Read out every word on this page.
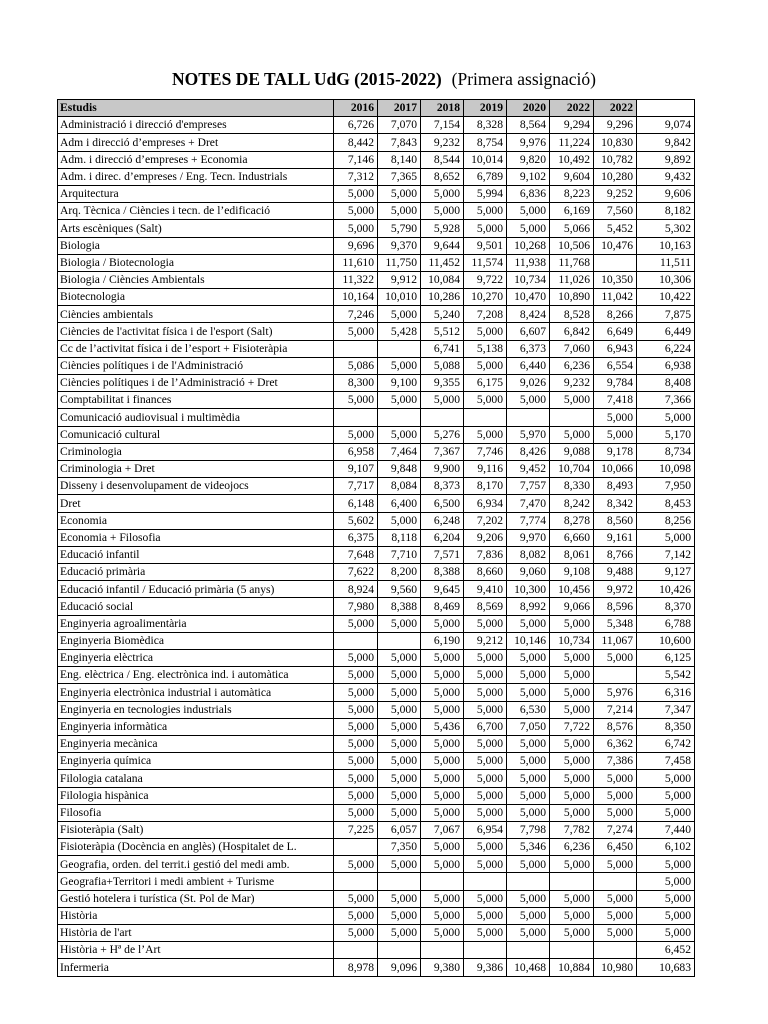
NOTES DE TALL UdG (2015-2022) (Primera assignació)
Estudis	2016	2017	2018	2019	2020	2022	2022	
Administració i direcció d'empreses	6,726	7,070	7,154	8,328	8,564	9,294	9,296	9,074
Adm i direcció d’empreses + Dret	8,442	7,843	9,232	8,754	9,976	11,224	10,830	9,842
Adm. i direcció d’empreses + Economia	7,146	8,140	8,544	10,014	9,820	10,492	10,782	9,892
Adm. i direc. d’empreses / Eng. Tecn. Industrials	7,312	7,365	8,652	6,789	9,102	9,604	10,280	9,432
Arquitectura	5,000	5,000	5,000	5,994	6,836	8,223	9,252	9,606
Arq. Tècnica / Ciències i tecn. de l’edificació	5,000	5,000	5,000	5,000	5,000	6,169	7,560	8,182
Arts escèniques (Salt)	5,000	5,790	5,928	5,000	5,000	5,066	5,452	5,302
Biologia	9,696	9,370	9,644	9,501	10,268	10,506	10,476	10,163
Biologia / Biotecnologia	11,610	11,750	11,452	11,574	11,938	11,768		11,511
Biologia / Ciències Ambientals	11,322	9,912	10,084	9,722	10,734	11,026	10,350	10,306
Biotecnologia	10,164	10,010	10,286	10,270	10,470	10,890	11,042	10,422
Ciències ambientals	7,246	5,000	5,240	7,208	8,424	8,528	8,266	7,875
Ciències de l'activitat física i de l'esport (Salt)	5,000	5,428	5,512	5,000	6,607	6,842	6,649	6,449
Cc de l’activitat física i de l’esport + Fisioteràpia			6,741	5,138	6,373	7,060	6,943	6,224
Ciències polítiques i de l'Administració	5,086	5,000	5,088	5,000	6,440	6,236	6,554	6,938
Ciències polítiques i de l’Administració + Dret	8,300	9,100	9,355	6,175	9,026	9,232	9,784	8,408
Comptabilitat i finances	5,000	5,000	5,000	5,000	5,000	5,000	7,418	7,366
Comunicació audiovisual i multimèdia							5,000	5,000
Comunicació cultural	5,000	5,000	5,276	5,000	5,970	5,000	5,000	5,170
Criminologia	6,958	7,464	7,367	7,746	8,426	9,088	9,178	8,734
Criminologia + Dret	9,107	9,848	9,900	9,116	9,452	10,704	10,066	10,098
Disseny i desenvolupament de videojocs	7,717	8,084	8,373	8,170	7,757	8,330	8,493	7,950
Dret	6,148	6,400	6,500	6,934	7,470	8,242	8,342	8,453
Economia	5,602	5,000	6,248	7,202	7,774	8,278	8,560	8,256
Economia + Filosofia	6,375	8,118	6,204	9,206	9,970	6,660	9,161	5,000
Educació infantil	7,648	7,710	7,571	7,836	8,082	8,061	8,766	7,142
Educació primària	7,622	8,200	8,388	8,660	9,060	9,108	9,488	9,127
Educació infantil / Educació primària (5 anys)	8,924	9,560	9,645	9,410	10,300	10,456	9,972	10,426
Educació social	7,980	8,388	8,469	8,569	8,992	9,066	8,596	8,370
Enginyeria agroalimentària	5,000	5,000	5,000	5,000	5,000	5,000	5,348	6,788
Enginyeria Biomèdica			6,190	9,212	10,146	10,734	11,067	10,600
Enginyeria elèctrica	5,000	5,000	5,000	5,000	5,000	5,000	5,000	6,125
Eng. elèctrica / Eng. electrònica ind. i automàtica	5,000	5,000	5,000	5,000	5,000	5,000		5,542
Enginyeria electrònica industrial i automàtica	5,000	5,000	5,000	5,000	5,000	5,000	5,976	6,316
Enginyeria en tecnologies industrials	5,000	5,000	5,000	5,000	6,530	5,000	7,214	7,347
Enginyeria informàtica	5,000	5,000	5,436	6,700	7,050	7,722	8,576	8,350
Enginyeria mecànica	5,000	5,000	5,000	5,000	5,000	5,000	6,362	6,742
Enginyeria química	5,000	5,000	5,000	5,000	5,000	5,000	7,386	7,458
Filologia catalana	5,000	5,000	5,000	5,000	5,000	5,000	5,000	5,000
Filologia hispànica	5,000	5,000	5,000	5,000	5,000	5,000	5,000	5,000
Filosofia	5,000	5,000	5,000	5,000	5,000	5,000	5,000	5,000
Fisioteràpia (Salt)	7,225	6,057	7,067	6,954	7,798	7,782	7,274	7,440
Fisioteràpia (Docència en anglès) (Hospitalet de L.		7,350	5,000	5,000	5,346	6,236	6,450	6,102
Geografia, orden. del territ.i gestió del medi amb.	5,000	5,000	5,000	5,000	5,000	5,000	5,000	5,000
Geografia+Territori i medi ambient + Turisme								5,000
Gestió hotelera i turística (St. Pol de Mar)	5,000	5,000	5,000	5,000	5,000	5,000	5,000	5,000
Història	5,000	5,000	5,000	5,000	5,000	5,000	5,000	5,000
Història de l'art	5,000	5,000	5,000	5,000	5,000	5,000	5,000	5,000
Història + Hª de l’Art								6,452
Infermeria	8,978	9,096	9,380	9,386	10,468	10,884	10,980	10,683
